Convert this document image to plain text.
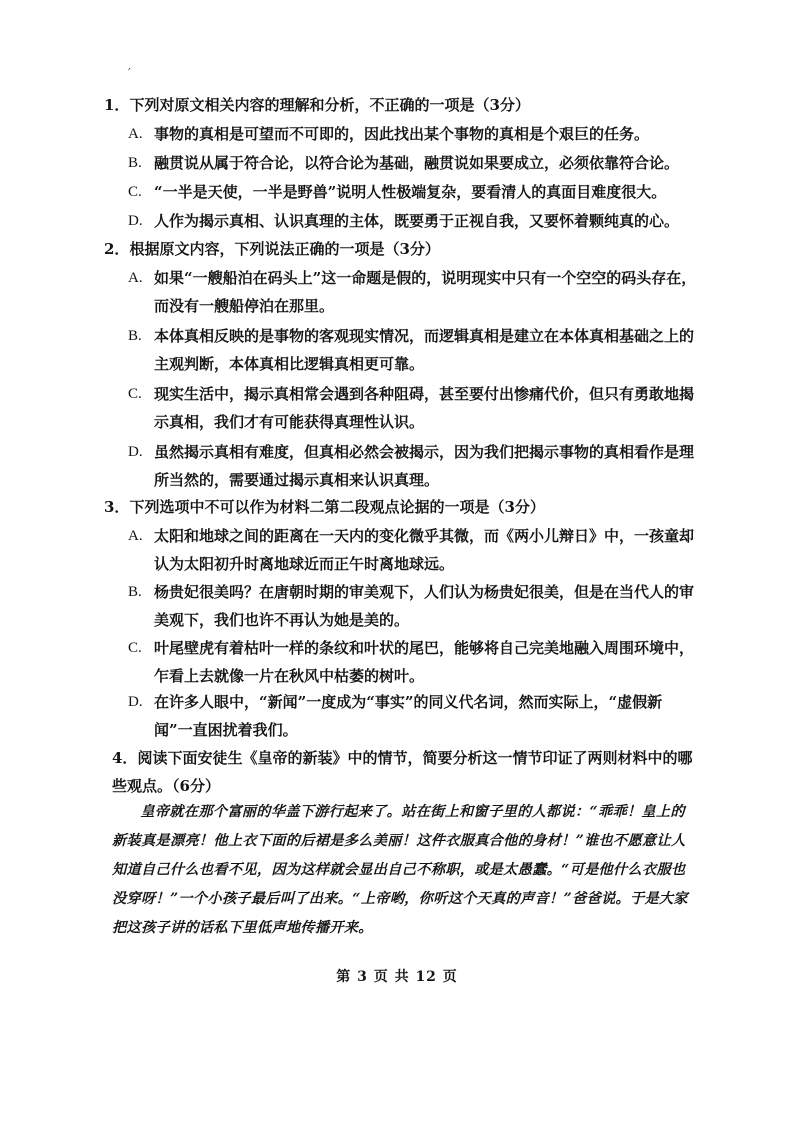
′
1．下列对原文相关内容的理解和分析，不正确的一项是（3分）
A. 事物的真相是可望而不可即的，因此找出某个事物的真相是个艰巨的任务。
B. 融贯说从属于符合论，以符合论为基础，融贯说如果要成立，必须依靠符合论。
C. “一半是天使，一半是野兽”说明人性极端复杂，要看清人的真面目难度很大。
D. 人作为揭示真相、认识真理的主体，既要勇于正视自我，又要怀着颗纯真的心。
2．根据原文内容，下列说法正确的一项是（3分）
A. 如果“一艘船泊在码头上”这一命题是假的，说明现实中只有一个空空的码头存在，而没有一艘船停泊在那里。
B. 本体真相反映的是事物的客观现实情况，而逻辑真相是建立在本体真相基础之上的主观判断，本体真相比逻辑真相更可靠。
C. 现实生活中，揭示真相常会遇到各种阻碍，甚至要付出惨痛代价，但只有勇敢地揭示真相，我们才有可能获得真理性认识。
D. 虽然揭示真相有难度，但真相必然会被揭示，因为我们把揭示事物的真相看作是理所当然的，需要通过揭示真相来认识真理。
3．下列选项中不可以作为材料二第二段观点论据的一项是（3分）
A. 太阳和地球之间的距离在一天内的变化微乎其微，而《两小儿辩日》中，一孩童却认为太阳初升时离地球近而正午时离地球远。
B. 杨贵妃很美吗？在唐朝时期的审美观下，人们认为杨贵妃很美，但是在当代人的审美观下，我们也许不再认为她是美的。
C. 叶尾壁虎有着枯叶一样的条纹和叶状的尾巴，能够将自己完美地融入周围环境中，乍看上去就像一片在秋风中枯萎的树叶。
D. 在许多人眼中，“新闻”一度成为“事实”的同义代名词，然而实际上，“虚假新闻”一直困扰着我们。
4．阅读下面安徒生《皇帝的新装》中的情节，简要分析这一情节印证了两则材料中的哪些观点。（6分）

皇帝就在那个富丽的华盖下游行起来了。站在街上和窗子里的人都说：“乖乖！皇上的新装真是漂亮！他上衣下面的后裙是多么美丽！这件衣服真合他的身材！”谁也不愿意让人知道自己什么也看不见，因为这样就会显出自己不称职，或是太愚蠢。“可是他什么衣服也没穿呀！”一个小孩子最后叫了出来。“上帝哟，你听这个天真的声音！”爸爸说。于是大家把这孩子讲的话私下里低声地传播开来。

第 3 页 共 12 页
